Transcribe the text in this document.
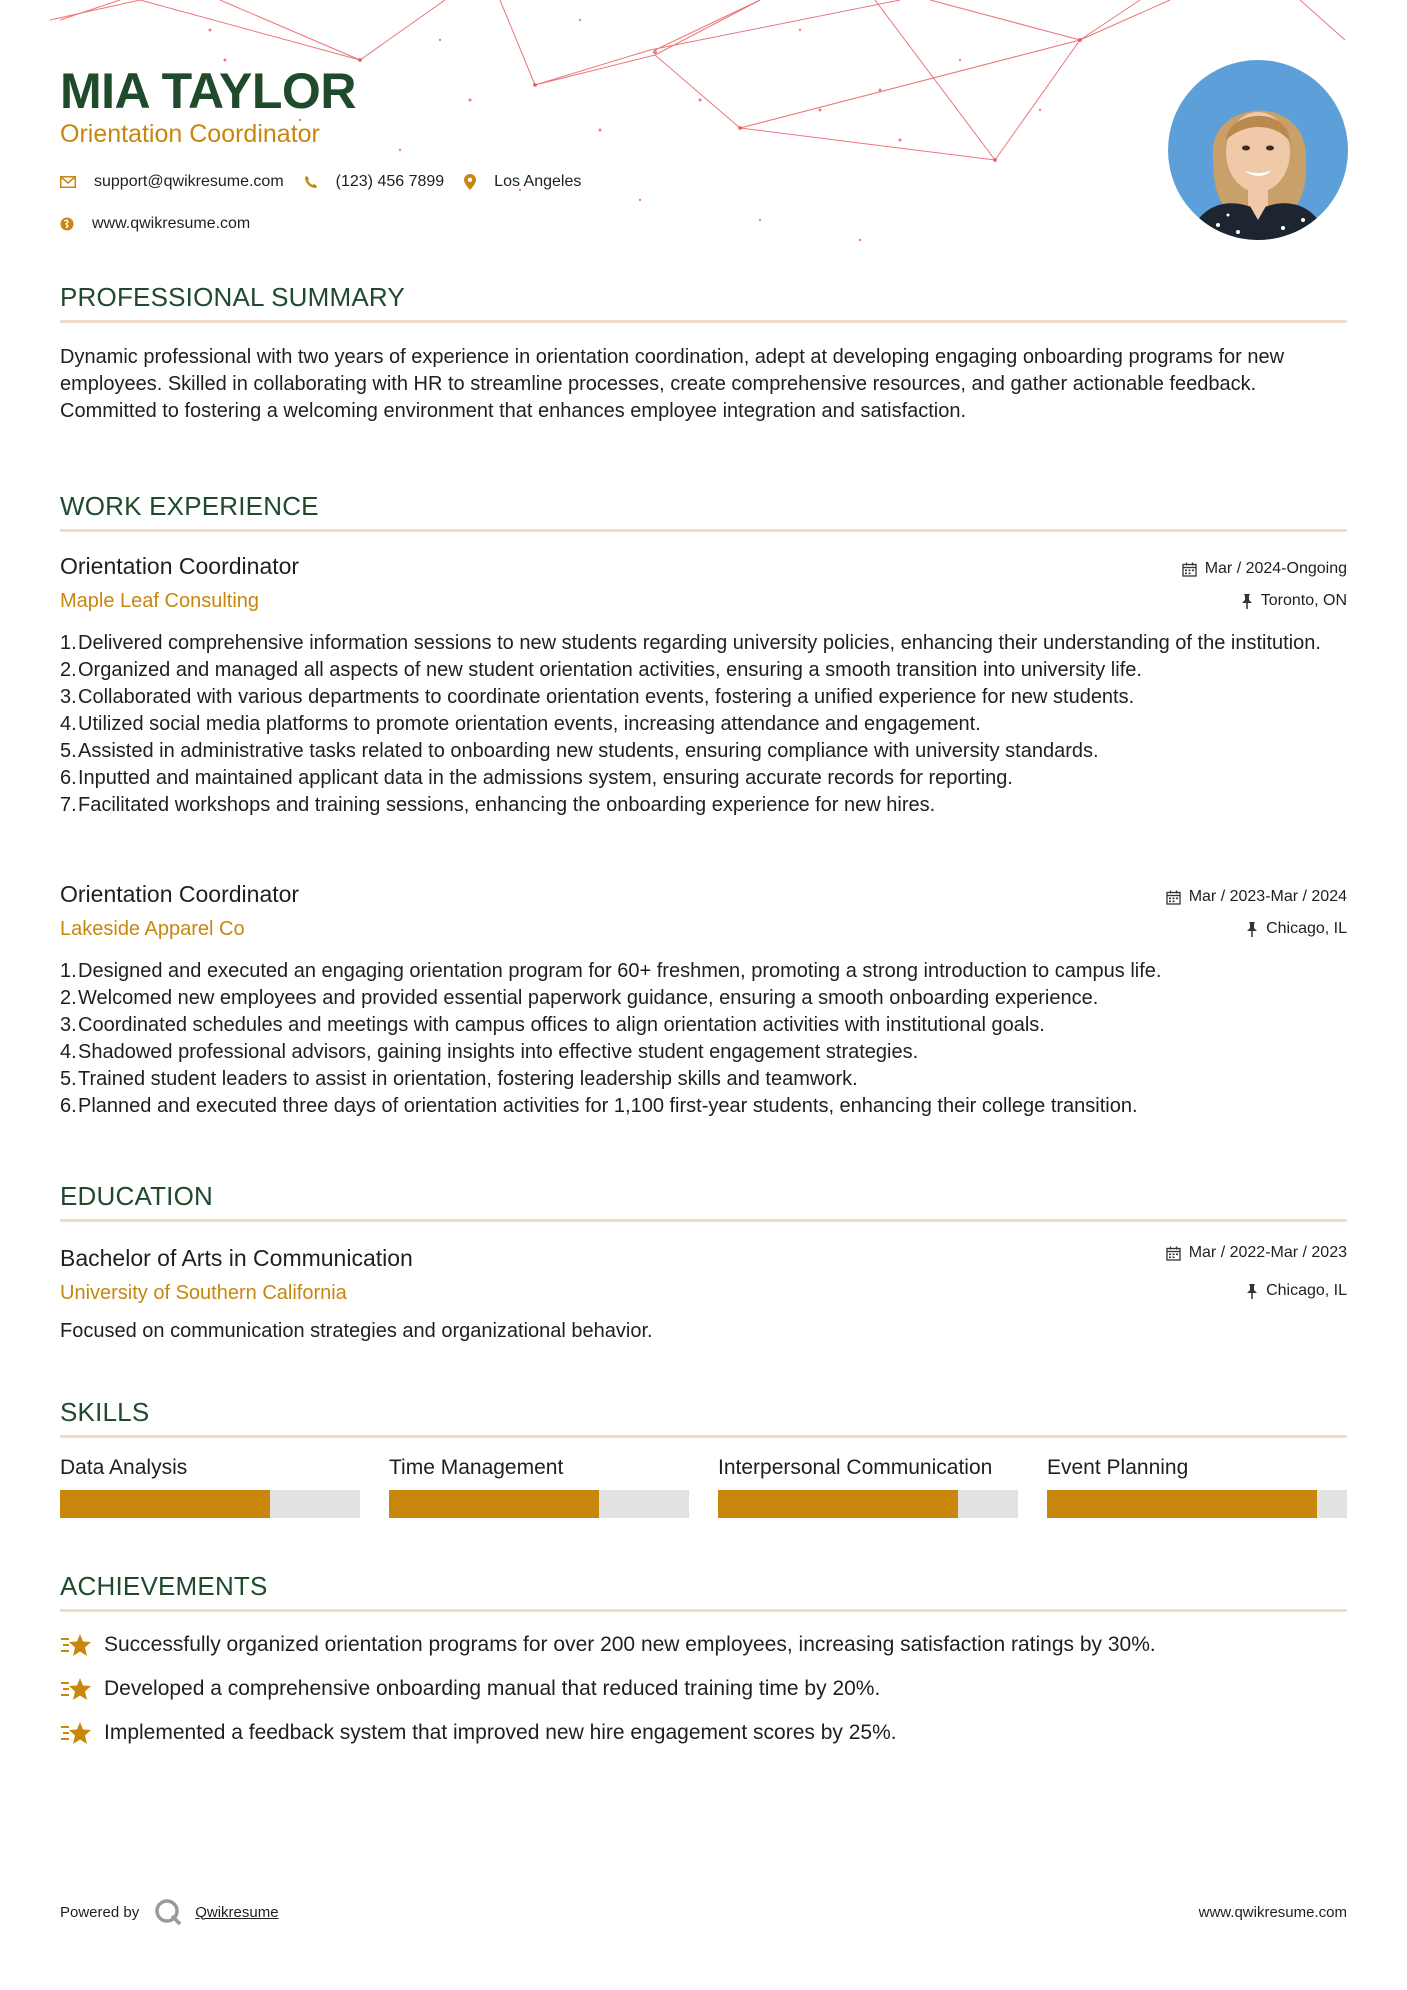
MIA TAYLOR
Orientation Coordinator
support@qwikresume.com	(123) 456 7899	Los Angeles
www.qwikresume.com
PROFESSIONAL SUMMARY
Dynamic professional with two years of experience in orientation coordination, adept at developing engaging onboarding programs for new employees. Skilled in collaborating with HR to streamline processes, create comprehensive resources, and gather actionable feedback. Committed to fostering a welcoming environment that enhances employee integration and satisfaction.
WORK EXPERIENCE
Orientation Coordinator
Maple Leaf Consulting
Mar / 2024-Ongoing
Toronto, ON
1. Delivered comprehensive information sessions to new students regarding university policies, enhancing their understanding of the institution.
2. Organized and managed all aspects of new student orientation activities, ensuring a smooth transition into university life.
3. Collaborated with various departments to coordinate orientation events, fostering a unified experience for new students.
4. Utilized social media platforms to promote orientation events, increasing attendance and engagement.
5. Assisted in administrative tasks related to onboarding new students, ensuring compliance with university standards.
6. Inputted and maintained applicant data in the admissions system, ensuring accurate records for reporting.
7. Facilitated workshops and training sessions, enhancing the onboarding experience for new hires.
Orientation Coordinator
Lakeside Apparel Co
Mar / 2023-Mar / 2024
Chicago, IL
1. Designed and executed an engaging orientation program for 60+ freshmen, promoting a strong introduction to campus life.
2. Welcomed new employees and provided essential paperwork guidance, ensuring a smooth onboarding experience.
3. Coordinated schedules and meetings with campus offices to align orientation activities with institutional goals.
4. Shadowed professional advisors, gaining insights into effective student engagement strategies.
5. Trained student leaders to assist in orientation, fostering leadership skills and teamwork.
6. Planned and executed three days of orientation activities for 1,100 first-year students, enhancing their college transition.
EDUCATION
Bachelor of Arts in Communication
University of Southern California
Mar / 2022-Mar / 2023
Chicago, IL
Focused on communication strategies and organizational behavior.
SKILLS
Data Analysis	Time Management	Interpersonal Communication	Event Planning
ACHIEVEMENTS
Successfully organized orientation programs for over 200 new employees, increasing satisfaction ratings by 30%.
Developed a comprehensive onboarding manual that reduced training time by 20%.
Implemented a feedback system that improved new hire engagement scores by 25%.
Powered by	Qwikresume	www.qwikresume.com
